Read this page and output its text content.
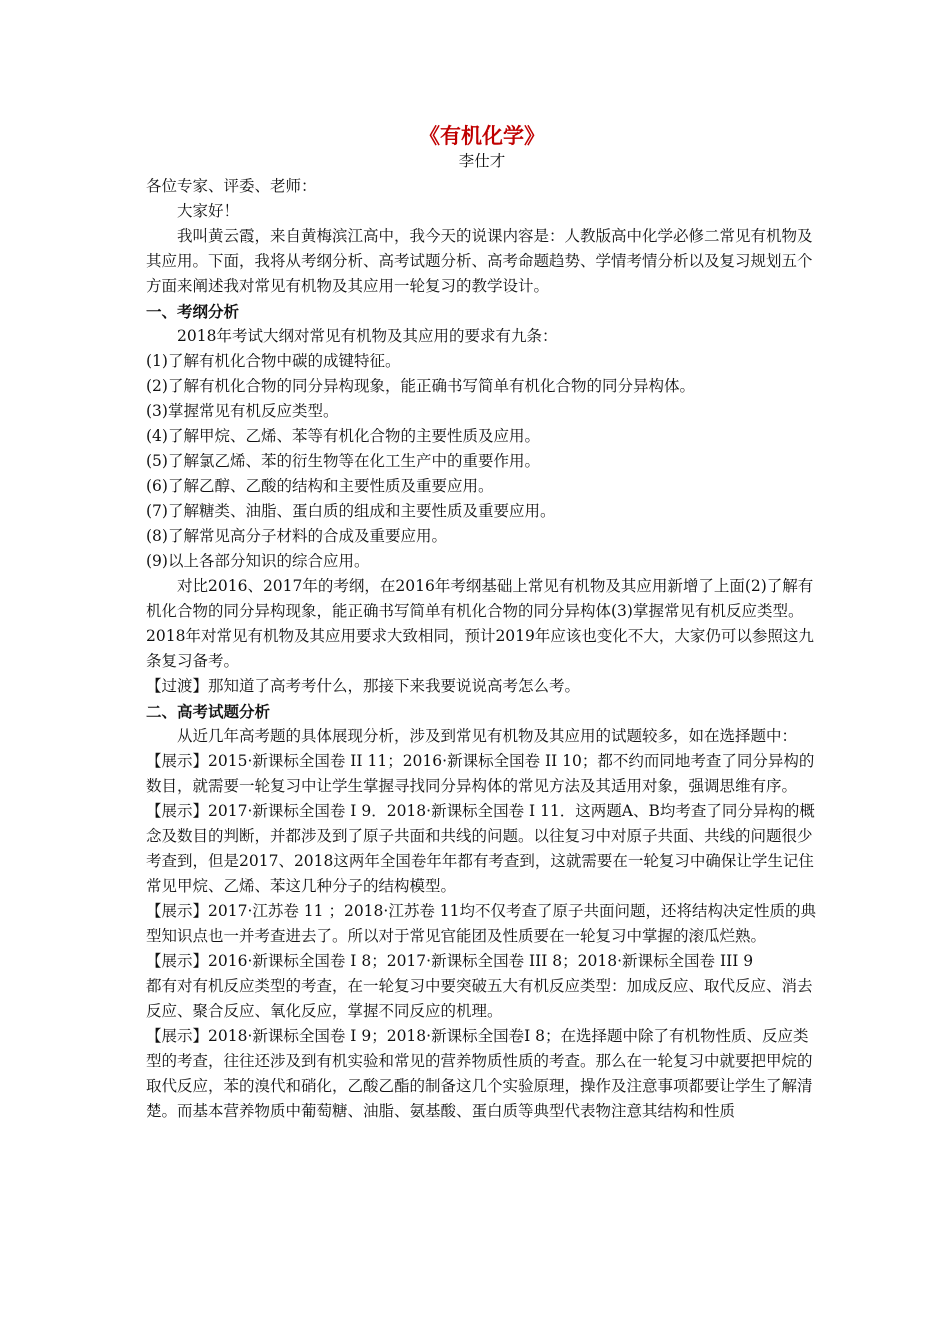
《有机化学》
李仕才

各位专家、评委、老师：

大家好！

我叫黄云霞，来自黄梅滨江高中，我今天的说课内容是：人教版高中化学必修二常见有机物及其应用。下面，我将从考纲分析、高考试题分析、高考命题趋势、学情考情分析以及复习规划五个方面来阐述我对常见有机物及其应用一轮复习的教学设计。

一、考纲分析

2018年考试大纲对常见有机物及其应用的要求有九条：

(1)了解有机化合物中碳的成键特征。

(2)了解有机化合物的同分异构现象，能正确书写简单有机化合物的同分异构体。

(3)掌握常见有机反应类型。

(4)了解甲烷、乙烯、苯等有机化合物的主要性质及应用。

(5)了解氯乙烯、苯的衍生物等在化工生产中的重要作用。

(6)了解乙醇、乙酸的结构和主要性质及重要应用。

(7)了解糖类、油脂、蛋白质的组成和主要性质及重要应用。

(8)了解常见高分子材料的合成及重要应用。

(9)以上各部分知识的综合应用。

对比2016、2017年的考纲，在2016年考纲基础上常见有机物及其应用新增了上面(2)了解有机化合物的同分异构现象，能正确书写简单有机化合物的同分异构体(3)掌握常见有机反应类型。2018年对常见有机物及其应用要求大致相同，预计2019年应该也变化不大，大家仍可以参照这九条复习备考。

【过渡】那知道了高考考什么，那接下来我要说说高考怎么考。

二、高考试题分析

从近几年高考题的具体展现分析，涉及到常见有机物及其应用的试题较多，如在选择题中：【展示】2015·新课标全国卷 II 11；2016·新课标全国卷 II 10；都不约而同地考查了同分异构的数目，就需要一轮复习中让学生掌握寻找同分异构体的常见方法及其适用对象，强调思维有序。

【展示】2017·新课标全国卷 I 9．2018·新课标全国卷 I 11．这两题A、B均考查了同分异构的概念及数目的判断，并都涉及到了原子共面和共线的问题。以往复习中对原子共面、共线的问题很少考查到，但是2017、2018这两年全国卷年年都有考查到，这就需要在一轮复习中确保让学生记住常见甲烷、乙烯、苯这几种分子的结构模型。

【展示】2017·江苏卷 11 ；2018·江苏卷 11均不仅考查了原子共面问题，还将结构决定性质的典型知识点也一并考查进去了。所以对于常见官能团及性质要在一轮复习中掌握的滚瓜烂熟。

【展示】2016·新课标全国卷 I 8；2017·新课标全国卷 III 8；2018·新课标全国卷 III 9

都有对有机反应类型的考查，在一轮复习中要突破五大有机反应类型：加成反应、取代反应、消去反应、聚合反应、氧化反应，掌握不同反应的机理。

【展示】2018·新课标全国卷 I 9；2018·新课标全国卷I 8；在选择题中除了有机物性质、反应类型的考查，往往还涉及到有机实验和常见的营养物质性质的考查。那么在一轮复习中就要把甲烷的取代反应，苯的溴代和硝化，乙酸乙酯的制备这几个实验原理，操作及注意事项都要让学生了解清楚。而基本营养物质中葡萄糖、油脂、氨基酸、蛋白质等典型代表物注意其结构和性质
